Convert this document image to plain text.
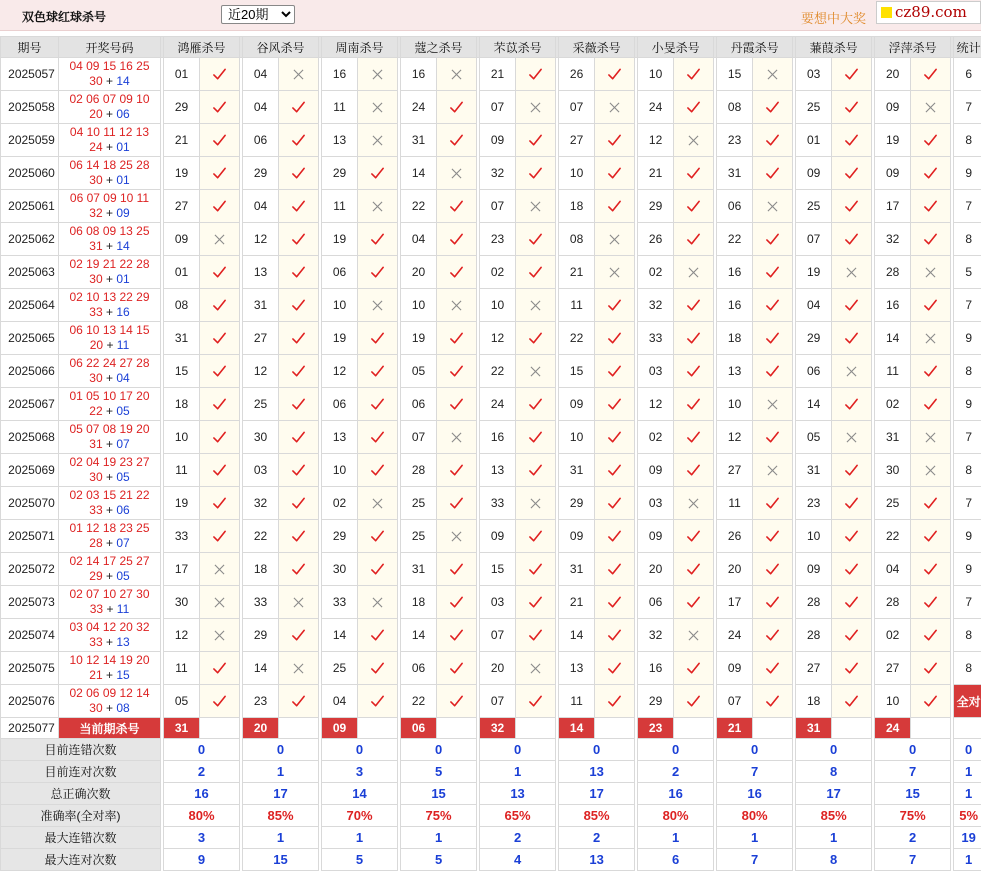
双色球红球杀号
近20期	要想中大奖	cz89.com
期号	开奖号码		鸿雁杀号			谷风杀号			周南杀号			蔻之杀号			芣苡杀号			采薇杀号			小旻杀号			丹霞杀号			蒹葭杀号			浮萍杀号			统计
2025057	04 09 15 16 25
30 + 14		01			04			16			16			21			26			10			15			03			20			6
2025058	02 06 07 09 10
20 + 06		29			04			11			24			07			07			24			08			25			09			7
2025059	04 10 11 12 13
24 + 01		21			06			13			31			09			27			12			23			01			19			8
2025060	06 14 18 25 28
30 + 01		19			29			29			14			32			10			21			31			09			09			9
2025061	06 07 09 10 11
32 + 09		27			04			11			22			07			18			29			06			25			17			7
2025062	06 08 09 13 25
31 + 14		09			12			19			04			23			08			26			22			07			32			8
2025063	02 19 21 22 28
30 + 01		01			13			06			20			02			21			02			16			19			28			5
2025064	02 10 13 22 29
33 + 16		08			31			10			10			10			11			32			16			04			16			7
2025065	06 10 13 14 15
20 + 11		31			27			19			19			12			22			33			18			29			14			9
2025066	06 22 24 27 28
30 + 04		15			12			12			05			22			15			03			13			06			11			8
2025067	01 05 10 17 20
22 + 05		18			25			06			06			24			09			12			10			14			02			9
2025068	05 07 08 19 20
31 + 07		10			30			13			07			16			10			02			12			05			31			7
2025069	02 04 19 23 27
30 + 05		11			03			10			28			13			31			09			27			31			30			8
2025070	02 03 15 21 22
33 + 06		19			32			02			25			33			29			03			11			23			25			7
2025071	01 12 18 23 25
28 + 07		33			22			29			25			09			09			09			26			10			22			9
2025072	02 14 17 25 27
29 + 05		17			18			30			31			15			31			20			20			09			04			9
2025073	02 07 10 27 30
33 + 11		30			33			33			18			03			21			06			17			28			28			7
2025074	03 04 12 20 32
33 + 13		12			29			14			14			07			14			32			24			28			02			8
2025075	10 12 14 19 20
21 + 15		11			14			25			06			20			13			16			09			27			27			8
2025076	02 06 09 12 14
30 + 08		05			23			04			22			07			11			29			07			18			10			全对
2025077	当前期杀号		31			20			09			06			32			14			23			21			31			24			
目前连错次数			0			0			0			0			0			0			0			0			0			0			0
目前连对次数			2			1			3			5			1			13			2			7			8			7			1
总正确次数			16			17			14			15			13			17			16			16			17			15			1
准确率(全对率)			80%			85%			70%			75%			65%			85%			80%			80%			85%			75%			5%
最大连错次数			3			1			1			1			2			2			1			1			1			2			19
最大连对次数			9			15			5			5			4			13			6			7			8			7			1
